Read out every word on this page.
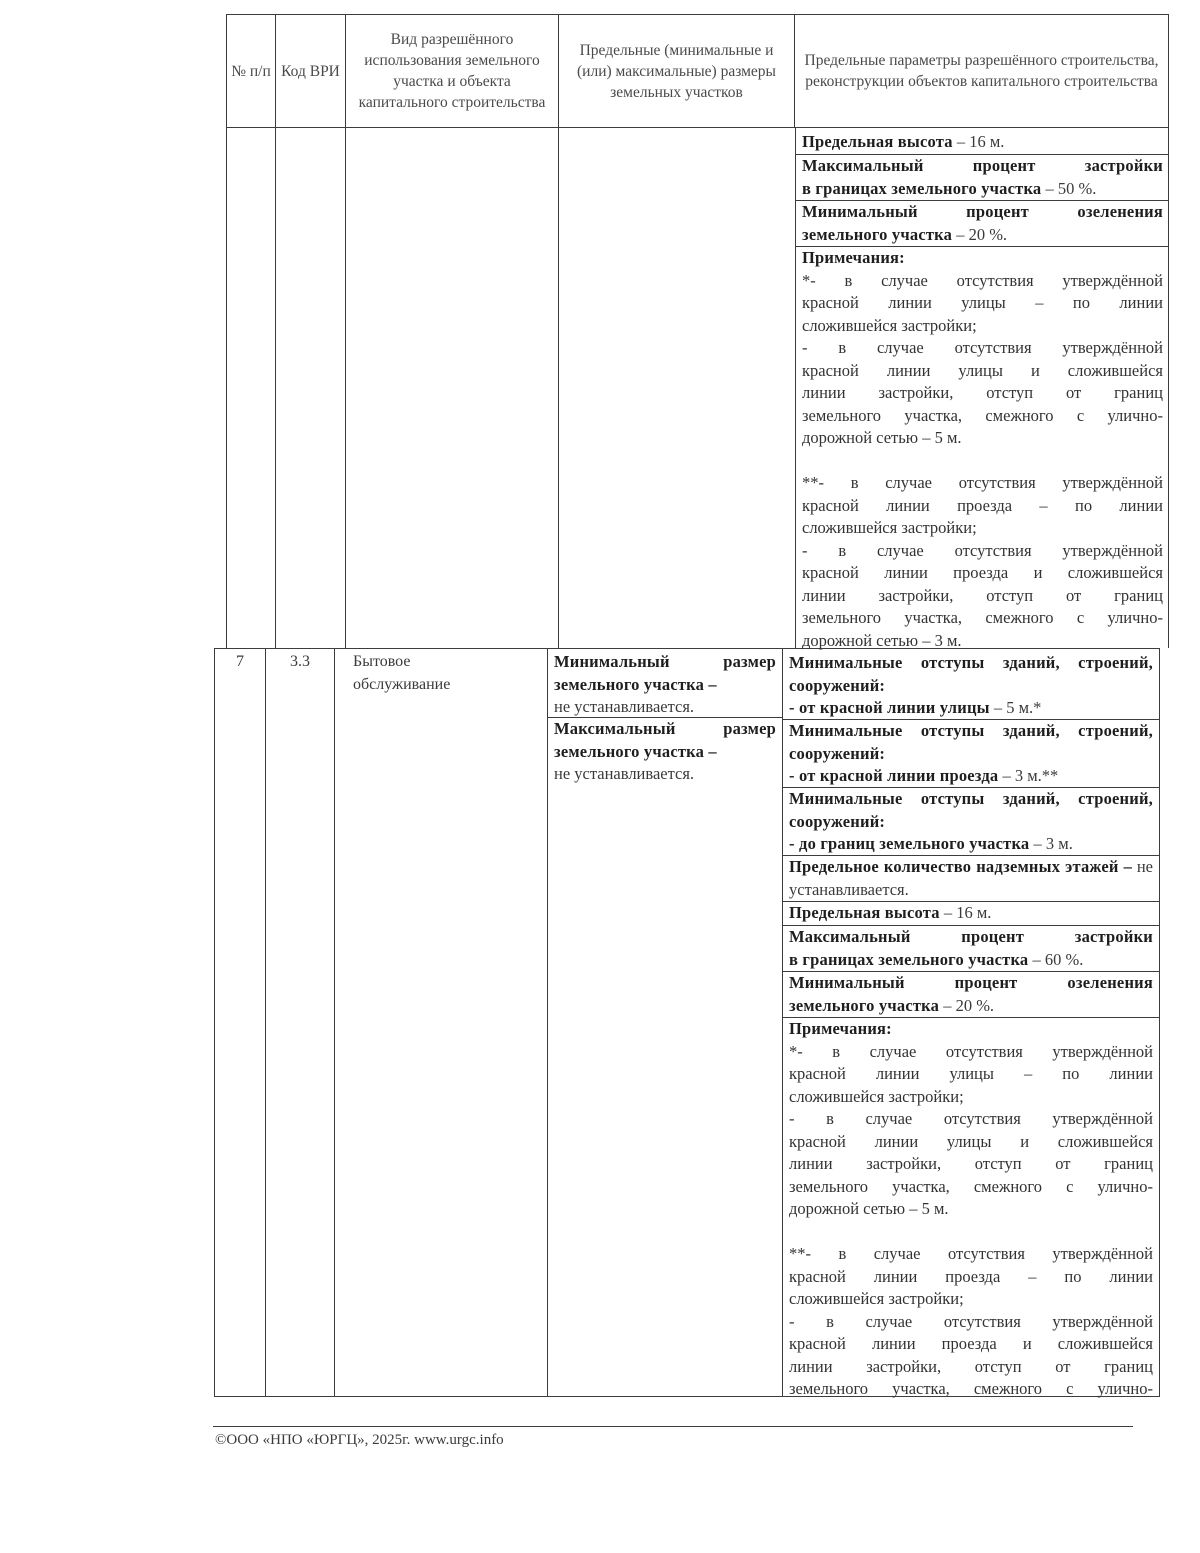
№ п/п Код ВРИ
Вид разрешённого использования земельного участка и объекта капитального строительства
Предельные (минимальные и (или) максимальные) размеры земельных участков
Предельные параметры разрешённого строительства, реконструкции объектов капитального строительства
Предельная высота – 16 м.
Максимальный процент застройки
в границах земельного участка – 50 %.
Минимальный процент озеленения
земельного участка – 20 %.
Примечания:
*- в случае отсутствия утверждённой
красной линии улицы – по линии
сложившейся застройки;
- в случае отсутствия утверждённой
красной линии улицы и сложившейся
линии застройки, отступ от границ
земельного участка, смежного с улично-
дорожной сетью – 5 м.
**- в случае отсутствия утверждённой
красной линии проезда – по линии
сложившейся застройки;
- в случае отсутствия утверждённой
красной линии проезда и сложившейся
линии застройки, отступ от границ
земельного участка, смежного с улично-
дорожной сетью – 3 м.
7	3.3	Бытовое обслуживание
Минимальный размер земельного участка –
не устанавливается.
Максимальный размер земельного участка –
не устанавливается.
Минимальные отступы зданий, строений, сооружений:
- от красной линии улицы – 5 м.*
Минимальные отступы зданий, строений, сооружений:
- от красной линии проезда – 3 м.**
Минимальные отступы зданий, строений, сооружений:
- до границ земельного участка – 3 м.
Предельное количество надземных этажей – не устанавливается.
Предельная высота – 16 м.
Максимальный процент застройки
в границах земельного участка – 60 %.
Минимальный процент озеленения
земельного участка – 20 %.
Примечания:
*- в случае отсутствия утверждённой
красной линии улицы – по линии
сложившейся застройки;
- в случае отсутствия утверждённой
красной линии улицы и сложившейся
линии застройки, отступ от границ
земельного участка, смежного с улично-
дорожной сетью – 5 м.
**- в случае отсутствия утверждённой
красной линии проезда – по линии
сложившейся застройки;
- в случае отсутствия утверждённой
красной линии проезда и сложившейся
линии застройки, отступ от границ
земельного участка, смежного с улично-
©ООО «НПО «ЮРГЦ», 2025г. www.urgc.info
